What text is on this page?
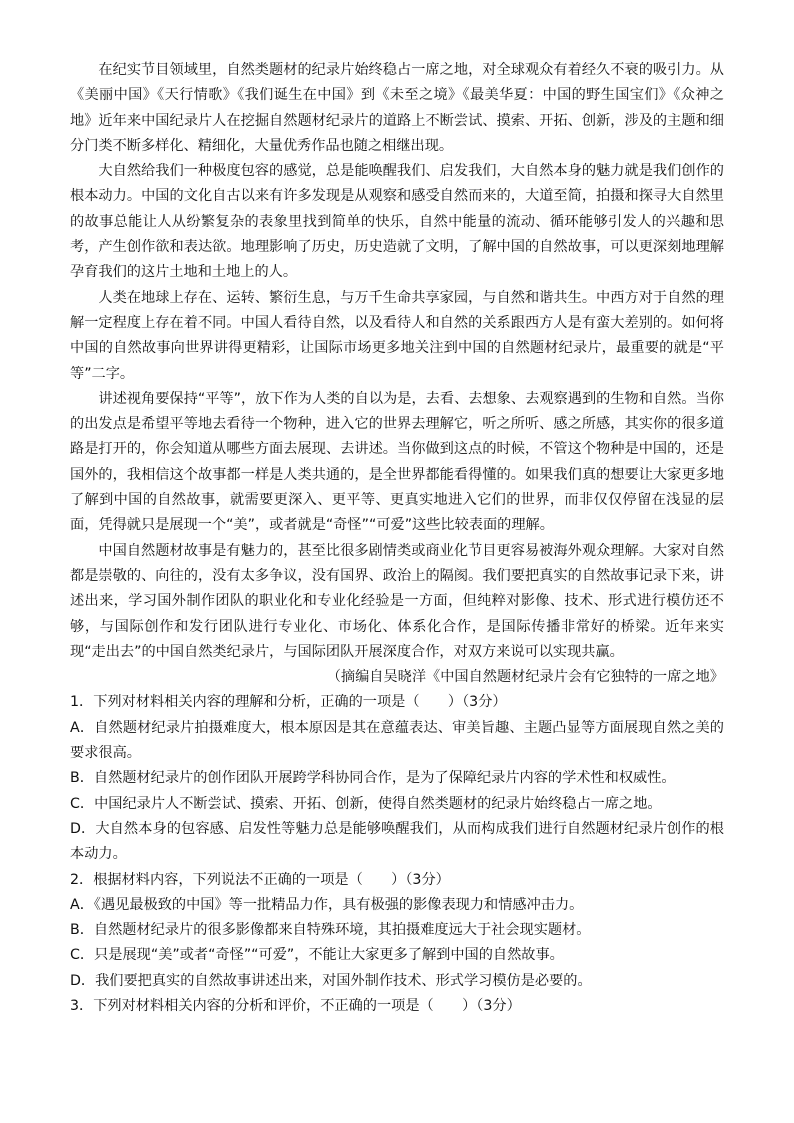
在纪实节目领域里，自然类题材的纪录片始终稳占一席之地，对全球观众有着经久不衰的吸引力。从《美丽中国》《天行情歌》《我们诞生在中国》到《未至之境》《最美华夏：中国的野生国宝们》《众神之地》近年来中国纪录片人在挖掘自然题材纪录片的道路上不断尝试、摸索、开拓、创新，涉及的主题和细分门类不断多样化、精细化，大量优秀作品也随之相继出现。

大自然给我们一种极度包容的感觉，总是能唤醒我们、启发我们，大自然本身的魅力就是我们创作的根本动力。中国的文化自古以来有许多发现是从观察和感受自然而来的，大道至简，拍摄和探寻大自然里的故事总能让人从纷繁复杂的表象里找到简单的快乐，自然中能量的流动、循环能够引发人的兴趣和思考，产生创作欲和表达欲。地理影响了历史，历史造就了文明，了解中国的自然故事，可以更深刻地理解孕育我们的这片土地和土地上的人。

人类在地球上存在、运转、繁衍生息，与万千生命共享家园，与自然和谐共生。中西方对于自然的理解一定程度上存在着不同。中国人看待自然，以及看待人和自然的关系跟西方人是有蛮大差别的。如何将中国的自然故事向世界讲得更精彩，让国际市场更多地关注到中国的自然题材纪录片，最重要的就是“平等”二字。

讲述视角要保持“平等”，放下作为人类的自以为是，去看、去想象、去观察遇到的生物和自然。当你的出发点是希望平等地去看待一个物种，进入它的世界去理解它，听之所听、感之所感，其实你的很多道路是打开的，你会知道从哪些方面去展现、去讲述。当你做到这点的时候，不管这个物种是中国的，还是国外的，我相信这个故事都一样是人类共通的，是全世界都能看得懂的。如果我们真的想要让大家更多地了解到中国的自然故事，就需要更深入、更平等、更真实地进入它们的世界，而非仅仅停留在浅显的层面，凭得就只是展现一个“美”，或者就是“奇怪”“可爱”这些比较表面的理解。

中国自然题材故事是有魅力的，甚至比很多剧情类或商业化节目更容易被海外观众理解。大家对自然都是崇敬的、向往的，没有太多争议，没有国界、政治上的隔阂。我们要把真实的自然故事记录下来，讲述出来，学习国外制作团队的职业化和专业化经验是一方面，但纯粹对影像、技术、形式进行模仿还不够，与国际创作和发行团队进行专业化、市场化、体系化合作，是国际传播非常好的桥梁。近年来实现“走出去”的中国自然类纪录片，与国际团队开展深度合作，对双方来说可以实现共赢。

（摘编自吴晓洋《中国自然题材纪录片会有它独特的一席之地》

1．下列对材料相关内容的理解和分析，正确的一项是（　　）（3分）

A．自然题材纪录片拍摄难度大，根本原因是其在意蕴表达、审美旨趣、主题凸显等方面展现自然之美的要求很高。

B．自然题材纪录片的创作团队开展跨学科协同合作，是为了保障纪录片内容的学术性和权威性。

C．中国纪录片人不断尝试、摸索、开拓、创新，使得自然类题材的纪录片始终稳占一席之地。

D．大自然本身的包容感、启发性等魅力总是能够唤醒我们，从而构成我们进行自然题材纪录片创作的根本动力。

2．根据材料内容，下列说法不正确的一项是（　　）（3分）

A．《遇见最极致的中国》等一批精品力作，具有极强的影像表现力和情感冲击力。

B．自然题材纪录片的很多影像都来自特殊环境，其拍摄难度远大于社会现实题材。

C．只是展现“美”或者“奇怪”“可爱”，不能让大家更多了解到中国的自然故事。

D．我们要把真实的自然故事讲述出来，对国外制作技术、形式学习模仿是必要的。

3．下列对材料相关内容的分析和评价，不正确的一项是（　　）（3分）
